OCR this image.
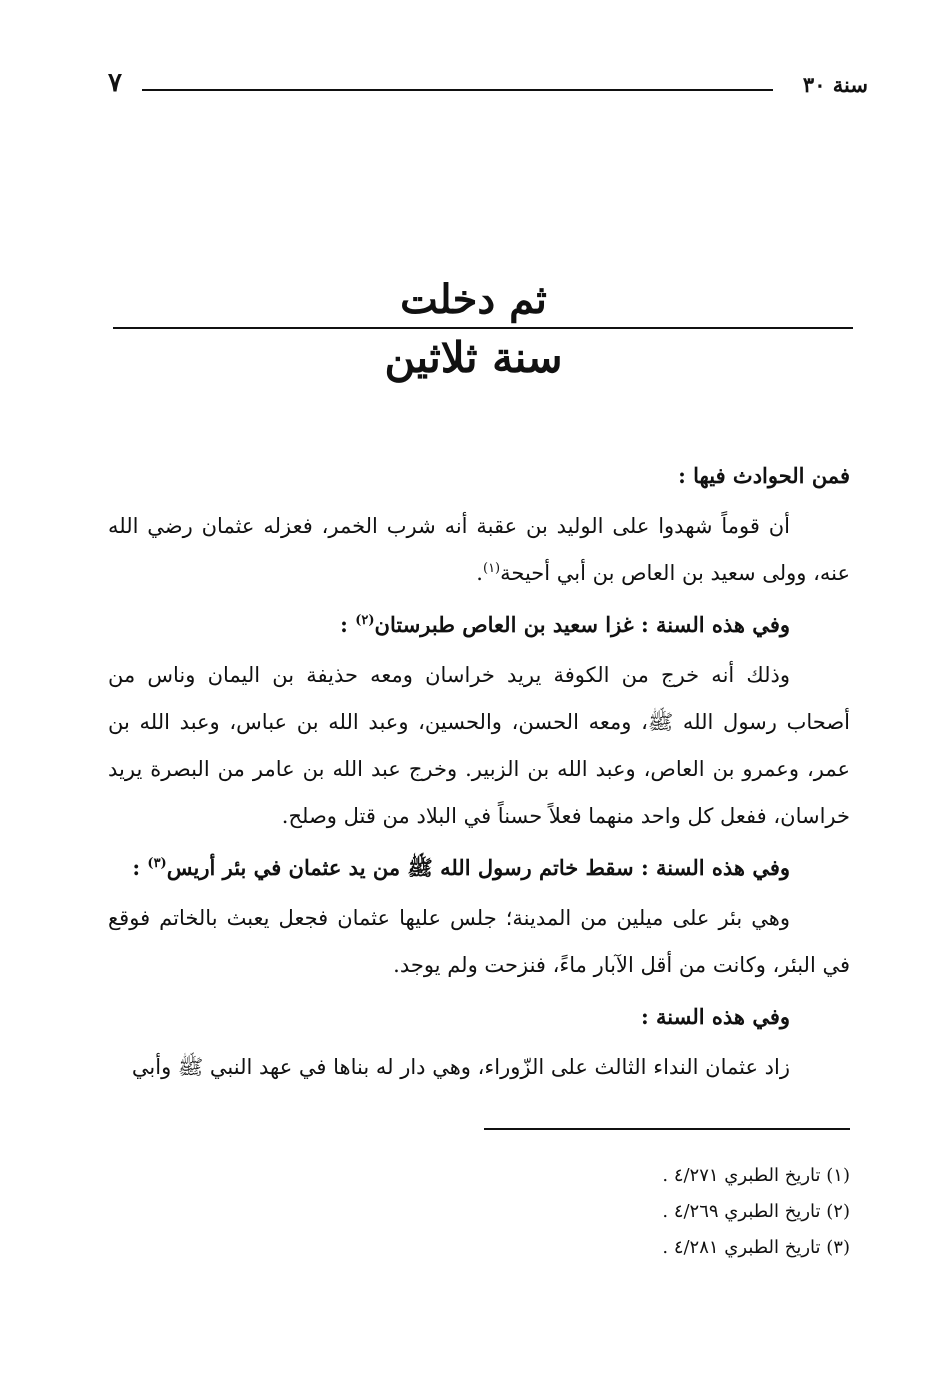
سنة ٣٠
٧
ثم دخلت
سنة ثلاثين

فمن الحوادث فيها :

أن قوماً شهدوا على الوليد بن عقبة أنه شرب الخمر، فعزله عثمان رضي الله عنه، وولى سعيد بن العاص بن أبي أحيحة$^{(١)}$.

وفي هذه السنة : غزا سعيد بن العاص طبرستان$^{(٢)}$ :

وذلك أنه خرج من الكوفة يريد خراسان ومعه حذيفة بن اليمان وناس من أصحاب رسول الله ﷺ، ومعه الحسن، والحسين، وعبد الله بن عباس، وعبد الله بن عمر، وعمرو بن العاص، وعبد الله بن الزبير. وخرج عبد الله بن عامر من البصرة يريد خراسان، ففعل كل واحد منهما فعلاً حسناً في البلاد من قتل وصلح.

وفي هذه السنة : سقط خاتم رسول الله ﷺ من يد عثمان في بئر أريس$^{(٣)}$ :

وهي بئر على ميلين من المدينة؛ جلس عليها عثمان فجعل يعبث بالخاتم فوقع في البئر، وكانت من أقل الآبار ماءً، فنزحت ولم يوجد.

وفي هذه السنة :

زاد عثمان النداء الثالث على الزّوراء، وهي دار له بناها في عهد النبي ﷺ وأبي

(١) تاريخ الطبري ٤/٢٧١ .
(٢) تاريخ الطبري ٤/٢٦٩ .
(٣) تاريخ الطبري ٤/٢٨١ .
